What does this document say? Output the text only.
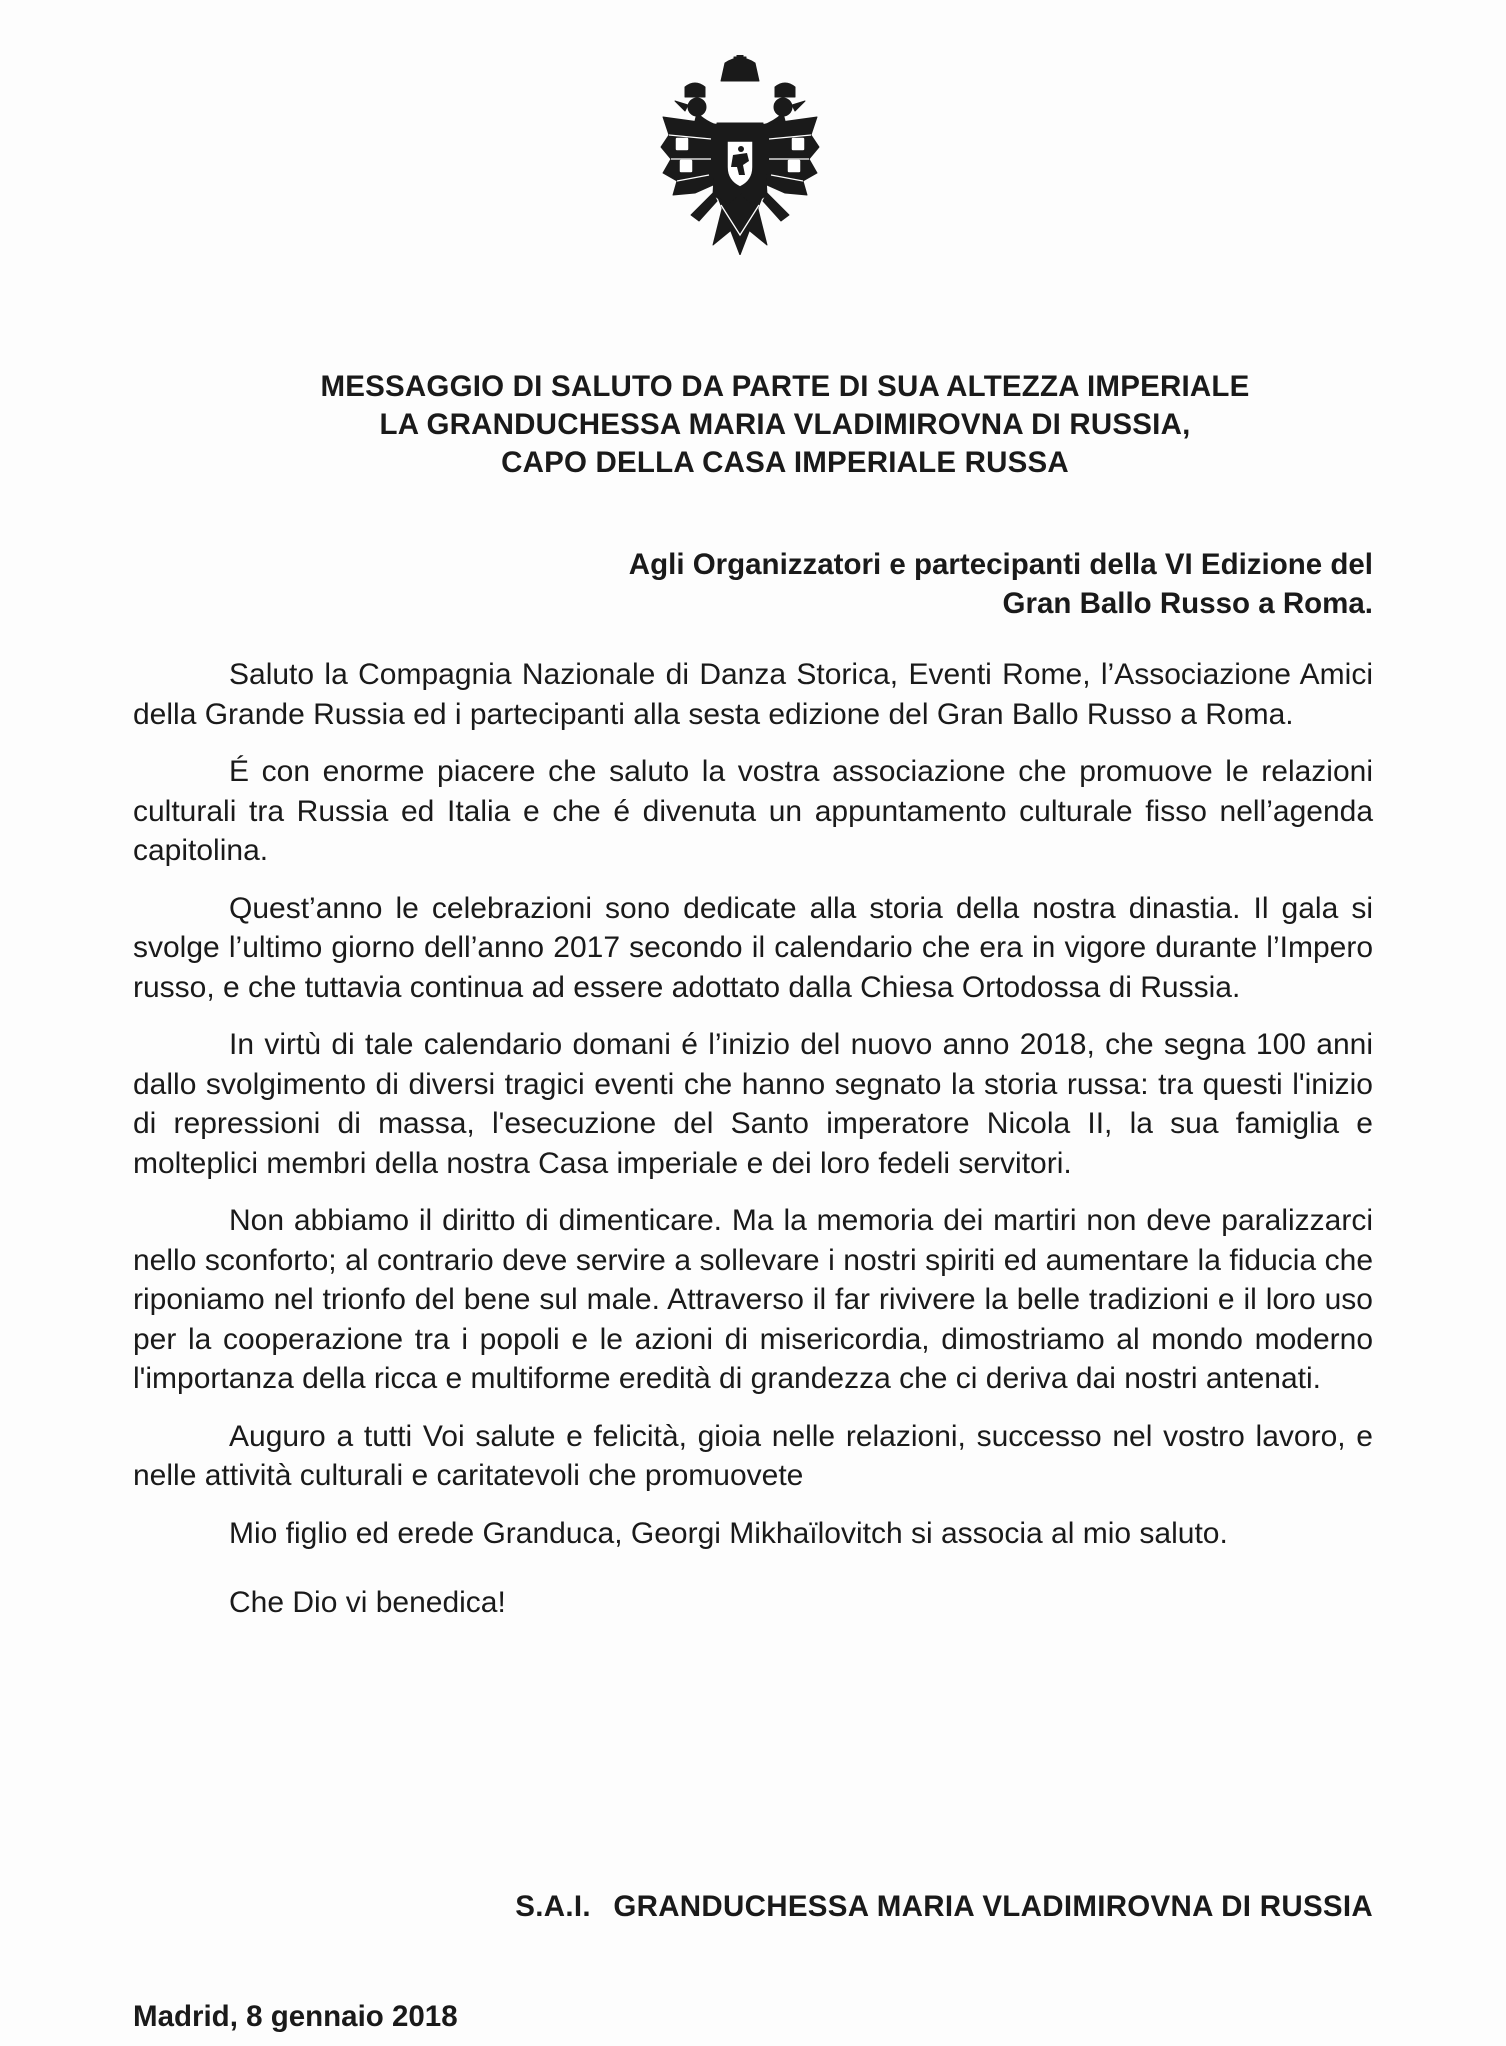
MESSAGGIO DI SALUTO DA PARTE DI SUA ALTEZZA IMPERIALE
LA GRANDUCHESSA MARIA VLADIMIROVNA DI RUSSIA,
CAPO DELLA CASA IMPERIALE RUSSA
Agli Organizzatori e partecipanti della VI Edizione del
Gran Ballo Russo a Roma.

Saluto la Compagnia Nazionale di Danza Storica, Eventi Rome, l’Associazione Amici della Grande Russia ed i partecipanti alla sesta edizione del Gran Ballo Russo a Roma.

É con enorme piacere che saluto la vostra associazione che promuove le relazioni culturali tra Russia ed Italia e che é divenuta un appuntamento culturale fisso nell’agenda capitolina.

Quest’anno le celebrazioni sono dedicate alla storia della nostra dinastia. Il gala si svolge l’ultimo giorno dell’anno 2017 secondo il calendario che era in vigore durante l’Impero russo, e che tuttavia continua ad essere adottato dalla Chiesa Ortodossa di Russia.

In virtù di tale calendario domani é l’inizio del nuovo anno 2018, che segna 100 anni dallo svolgimento di diversi tragici eventi che hanno segnato la storia russa: tra questi l'inizio di repressioni di massa, l'esecuzione del Santo imperatore Nicola II, la sua famiglia e molteplici membri della nostra Casa imperiale e dei loro fedeli servitori.

Non abbiamo il diritto di dimenticare. Ma la memoria dei martiri non deve paralizzarci nello sconforto; al contrario deve servire a sollevare i nostri spiriti ed aumentare la fiducia che riponiamo nel trionfo del bene sul male. Attraverso il far rivivere la belle tradizioni e il loro uso per la cooperazione tra i popoli e le azioni di misericordia, dimostriamo al mondo moderno l'importanza della ricca e multiforme eredità di grandezza che ci deriva dai nostri antenati.

Auguro a tutti Voi salute e felicità, gioia nelle relazioni, successo nel vostro lavoro, e nelle attività culturali e caritatevoli che promuovete

Mio figlio ed erede Granduca, Georgi Mikhaïlovitch si associa al mio saluto.

Che Dio vi benedica!

S.A.I. GRANDUCHESSA MARIA VLADIMIROVNA DI RUSSIA
Madrid, 8 gennaio 2018
